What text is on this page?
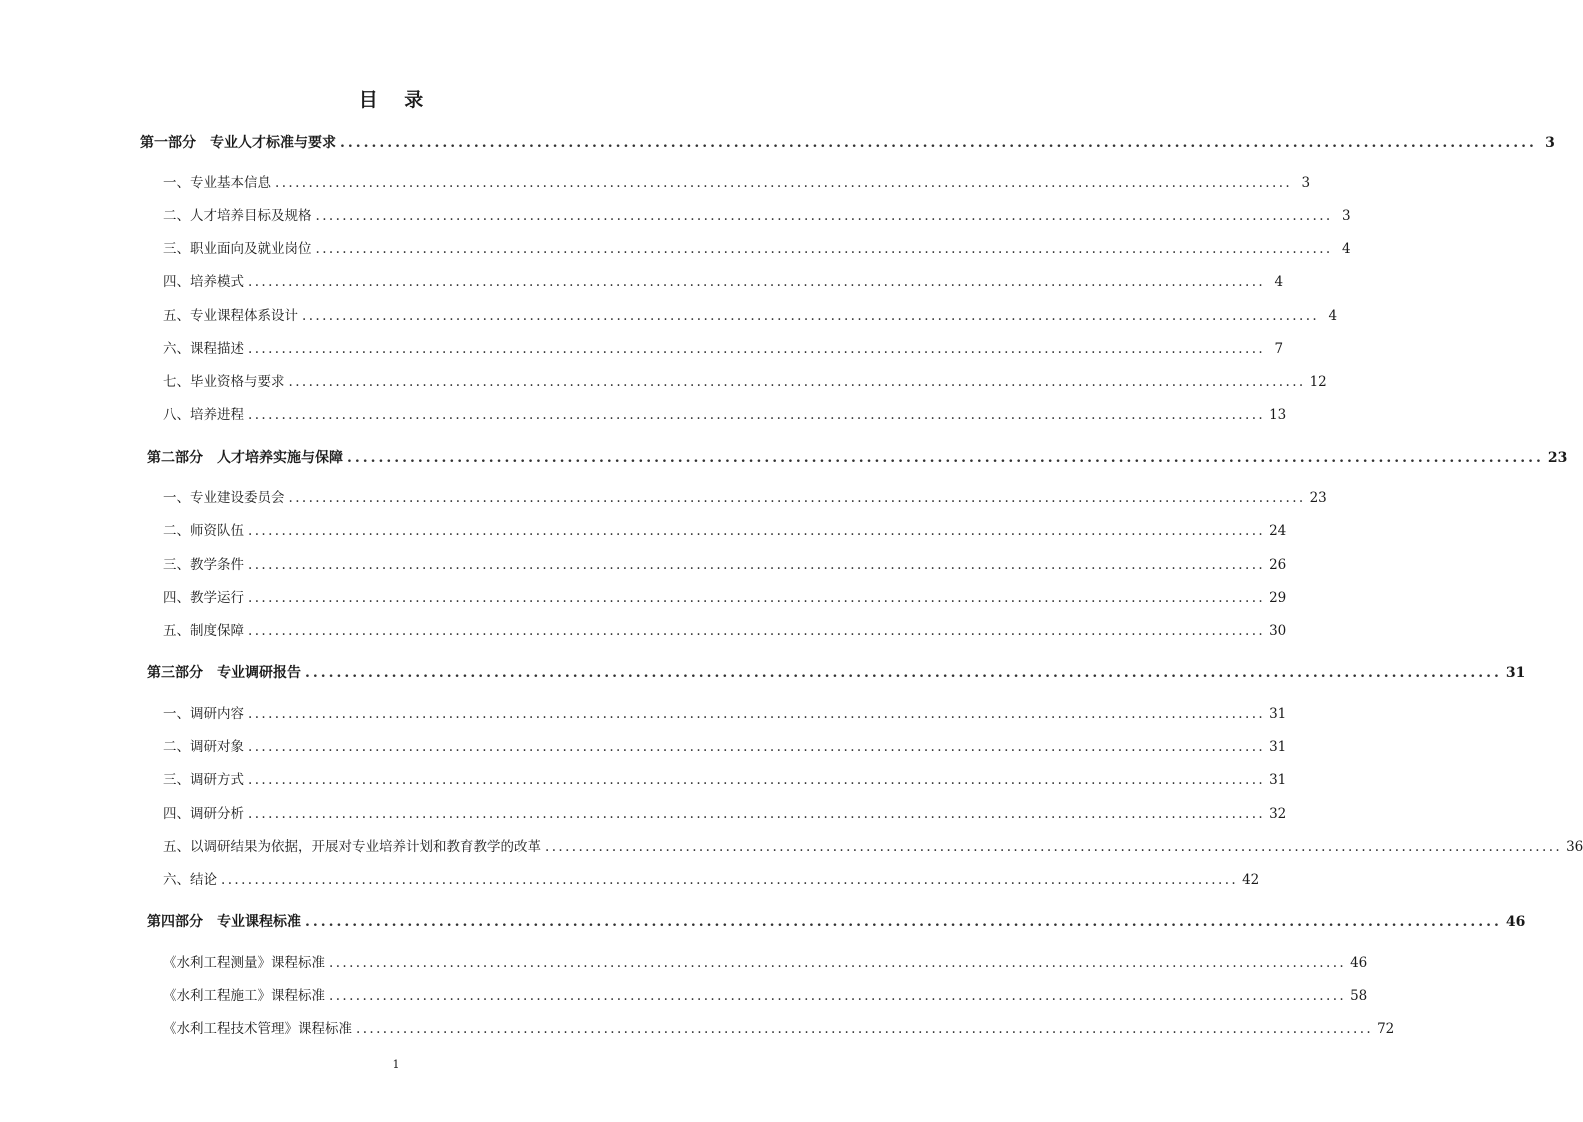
目 录
第一部分　专业人才标准与要求 ........................................................................................................................................................ 3
一、专业基本信息 ........................................................................................................................................................ 3
二、人才培养目标及规格 ........................................................................................................................................................ 3
三、职业面向及就业岗位 ........................................................................................................................................................ 4
四、培养模式 ........................................................................................................................................................ 4
五、专业课程体系设计 ........................................................................................................................................................ 4
六、课程描述 ........................................................................................................................................................ 7
七、毕业资格与要求 ........................................................................................................................................................ 12
八、培养进程 ........................................................................................................................................................ 13
第二部分　人才培养实施与保障 ........................................................................................................................................................ 23
一、专业建设委员会 ........................................................................................................................................................ 23
二、师资队伍 ........................................................................................................................................................ 24
三、教学条件 ........................................................................................................................................................ 26
四、教学运行 ........................................................................................................................................................ 29
五、制度保障 ........................................................................................................................................................ 30
第三部分　专业调研报告 ........................................................................................................................................................ 31
一、调研内容 ........................................................................................................................................................ 31
二、调研对象 ........................................................................................................................................................ 31
三、调研方式 ........................................................................................................................................................ 31
四、调研分析 ........................................................................................................................................................ 32
五、以调研结果为依据，开展对专业培养计划和教育教学的改革 ........................................................................................................................................................ 36
六、结论 ........................................................................................................................................................ 42
第四部分　专业课程标准 ........................................................................................................................................................ 46
《水利工程测量》课程标准 ........................................................................................................................................................ 46
《水利工程施工》课程标准 ........................................................................................................................................................ 58
《水利工程技术管理》课程标准 ........................................................................................................................................................ 72
1
